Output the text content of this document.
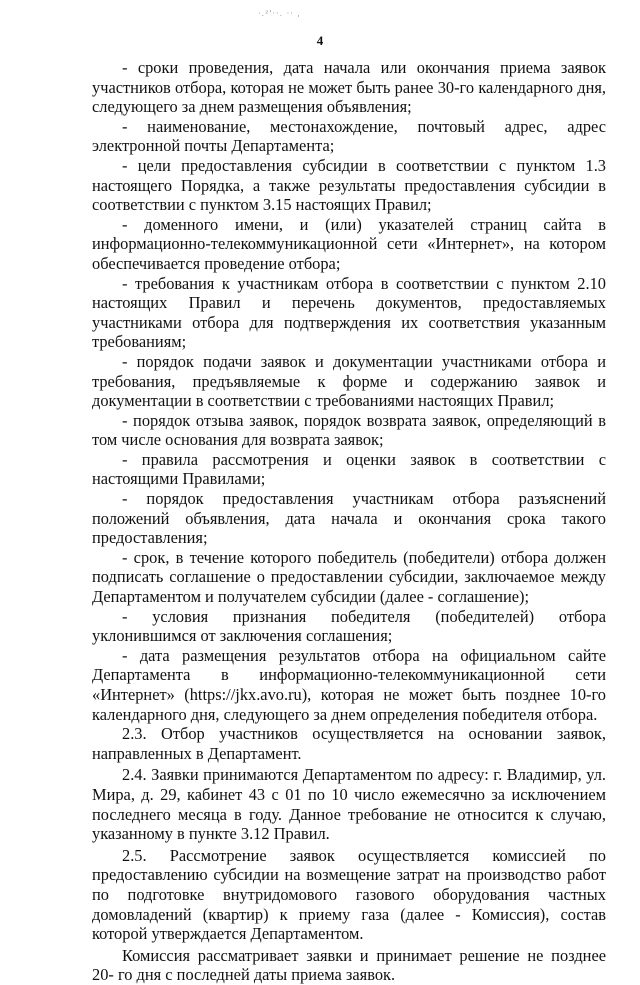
·.²'··. ·· ,
4

- сроки проведения, дата начала или окончания приема заявок участников отбора, которая не может быть ранее 30-го календарного дня, следующего за днем размещения объявления;

- наименование, местонахождение, почтовый адрес, адрес электронной почты Департамента;

- цели предоставления субсидии в соответствии с пунктом 1.3 настоящего Порядка, а также результаты предоставления субсидии в соответствии с пунктом 3.15 настоящих Правил;

- доменного имени, и (или) указателей страниц сайта в информационно-телекоммуникационной сети «Интернет», на котором обеспечивается проведение отбора;

- требования к участникам отбора в соответствии с пунктом 2.10 настоящих Правил и перечень документов, предоставляемых участниками отбора для подтверждения их соответствия указанным требованиям;

- порядок подачи заявок и документации участниками отбора и требования, предъявляемые к форме и содержанию заявок и документации в соответствии с требованиями настоящих Правил;

- порядок отзыва заявок, порядок возврата заявок, определяющий в том числе основания для возврата заявок;

- правила рассмотрения и оценки заявок в соответствии с настоящими Правилами;

- порядок предоставления участникам отбора разъяснений положений объявления, дата начала и окончания срока такого предоставления;

- срок, в течение которого победитель (победители) отбора должен подписать соглашение о предоставлении субсидии, заключаемое между Департаментом и получателем субсидии (далее - соглашение);

- условия признания победителя (победителей) отбора уклонившимся от заключения соглашения;

- дата размещения результатов отбора на официальном сайте Департамента в информационно-телекоммуникационной сети «Интернет» (https://jkx.avo.ru), которая не может быть позднее 10-го календарного дня, следующего за днем определения победителя отбора.

2.3. Отбор участников осуществляется на основании заявок, направленных в Департамент.

2.4. Заявки принимаются Департаментом по адресу: г. Владимир, ул. Мира, д. 29, кабинет 43 с 01 по 10 число ежемесячно за исключением последнего месяца в году. Данное требование не относится к случаю, указанному в пункте 3.12 Правил.

2.5. Рассмотрение заявок осуществляется комиссией по предоставлению субсидии на возмещение затрат на производство работ по подготовке внутридомового газового оборудования частных домовладений (квартир) к приему газа (далее - Комиссия), состав которой утверждается Департаментом.

Комиссия рассматривает заявки и принимает решение не позднее 20- го дня с последней даты приема заявок.
